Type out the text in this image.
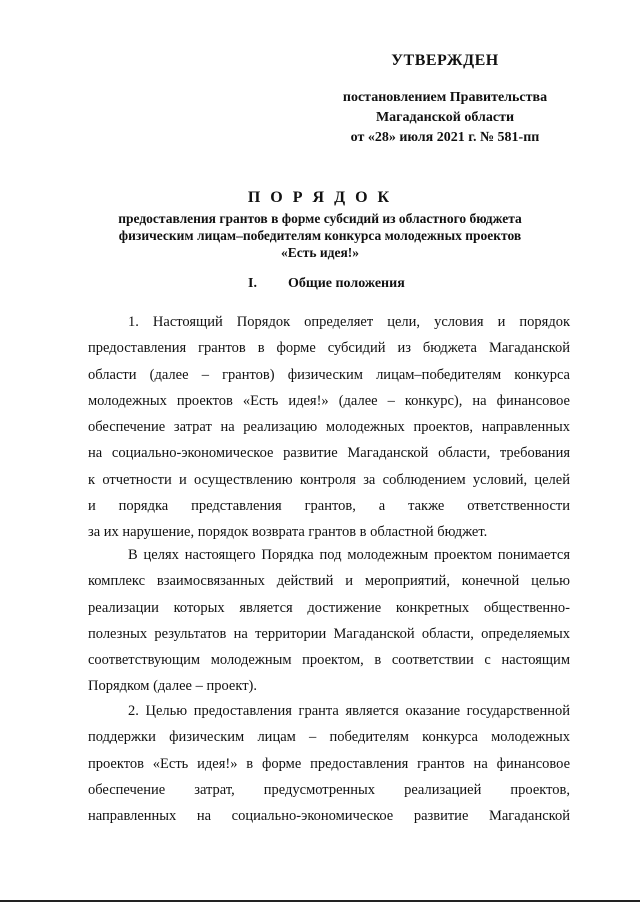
УТВЕРЖДЕН
постановлением Правительства
Магаданской области
от «28» июля 2021 г. № 581-пп
П О Р Я Д О К
предоставления грантов в форме субсидий из областного бюджета
физическим лицам–победителям конкурса молодежных проектов
«Есть идея!»
I. Общие положения
1. Настоящий Порядок определяет цели, условия и порядок
предоставления грантов в форме субсидий из бюджета Магаданской
области (далее – грантов) физическим лицам–победителям конкурса
молодежных проектов «Есть идея!» (далее – конкурс), на финансовое
обеспечение затрат на реализацию молодежных проектов, направленных
на социально-экономическое развитие Магаданской области, требования
к отчетности и осуществлению контроля за соблюдением условий, целей
и порядка представления грантов, а также ответственности
за их нарушение, порядок возврата грантов в областной бюджет.
В целях настоящего Порядка под молодежным проектом понимается
комплекс взаимосвязанных действий и мероприятий, конечной целью
реализации которых является достижение конкретных общественно-
полезных результатов на территории Магаданской области, определяемых
соответствующим молодежным проектом, в соответствии с настоящим
Порядком (далее – проект).
2. Целью предоставления гранта является оказание государственной
поддержки физическим лицам – победителям конкурса молодежных
проектов «Есть идея!» в форме предоставления грантов на финансовое
обеспечение затрат, предусмотренных реализацией проектов,
направленных на социально-экономическое развитие Магаданской
